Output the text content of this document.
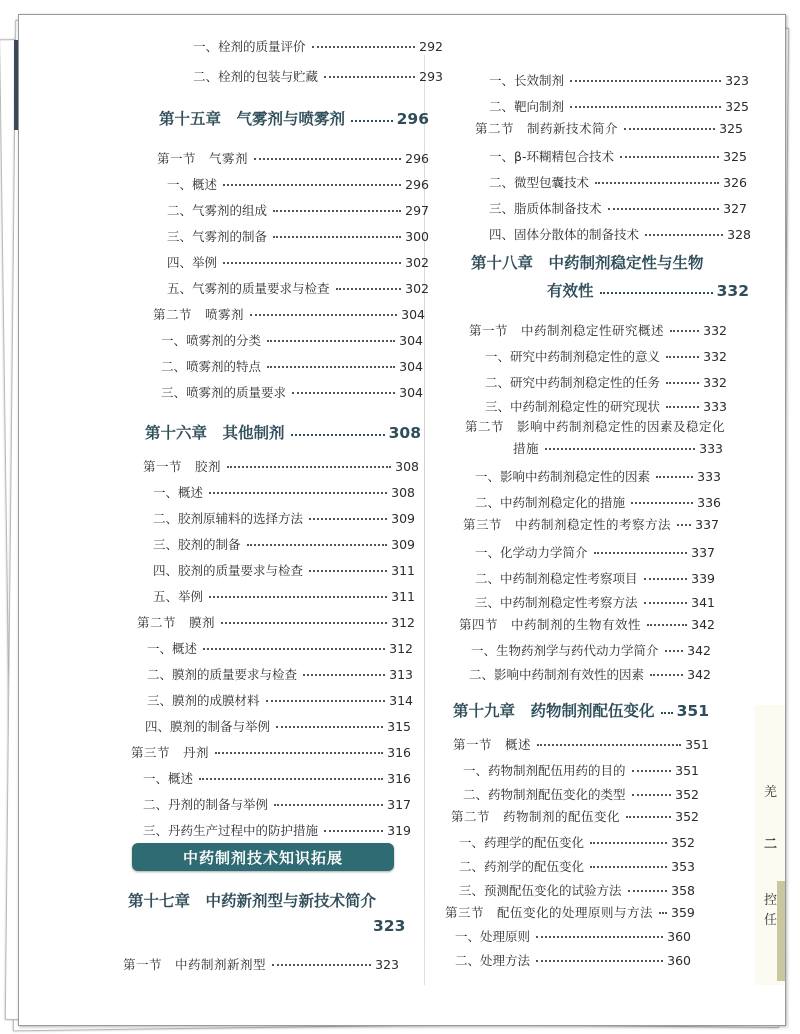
一、栓剂的质量评价	292
二、栓剂的包装与贮藏	293
第十五章　气雾剂与喷雾剂	296
第一节　气雾剂	296
一、概述	296
二、气雾剂的组成	297
三、气雾剂的制备	300
四、举例	302
五、气雾剂的质量要求与检查	302
第二节　喷雾剂	304
一、喷雾剂的分类	304
二、喷雾剂的特点	304
三、喷雾剂的质量要求	304
第十六章　其他制剂	308
第一节　胶剂	308
一、概述	308
二、胶剂原辅料的选择方法	309
三、胶剂的制备	309
四、胶剂的质量要求与检查	311
五、举例	311
第二节　膜剂	312
一、概述	312
二、膜剂的质量要求与检查	313
三、膜剂的成膜材料	314
四、膜剂的制备与举例	315
第三节　丹剂	316
一、概述	316
二、丹剂的制备与举例	317
三、丹药生产过程中的防护措施	319
中药制剂技术知识拓展
第十七章　中药新剂型与新技术简介
323
第一节　中药制剂新剂型	323
一、长效制剂	323
二、靶向制剂	325
第二节　制药新技术简介	325
一、β-环糊精包合技术	325
二、微型包囊技术	326
三、脂质体制备技术	327
四、固体分散体的制备技术	328
第十八章　中药制剂稳定性与生物
有效性	332
第一节　中药制剂稳定性研究概述	332
一、研究中药制剂稳定性的意义	332
二、研究中药制剂稳定性的任务	332
三、中药制剂稳定性的研究现状	333
第二节　影响中药制剂稳定性的因素及稳定化
措施	333
一、影响中药制剂稳定性的因素	333
二、中药制剂稳定化的措施	336
第三节　中药制剂稳定性的考察方法 337
一、化学动力学简介	337
二、中药制剂稳定性考察项目	339
三、中药制剂稳定性考察方法	341
第四节　中药制剂的生物有效性	342
一、生物药剂学与药代动力学简介 342
二、影响中药制剂有效性的因素	342
第十九章　药物制剂配伍变化 351
第一节　概述	351
一、药物制剂配伍用药的目的	351
二、药物制剂配伍变化的类型	352
第二节　药物制剂的配伍变化	352
一、药理学的配伍变化	352
二、药剂学的配伍变化	353
三、预测配伍变化的试验方法	358
第三节　配伍变化的处理原则与方法 359
一、处理原则	360
二、处理方法	360
羌
二
控
任
